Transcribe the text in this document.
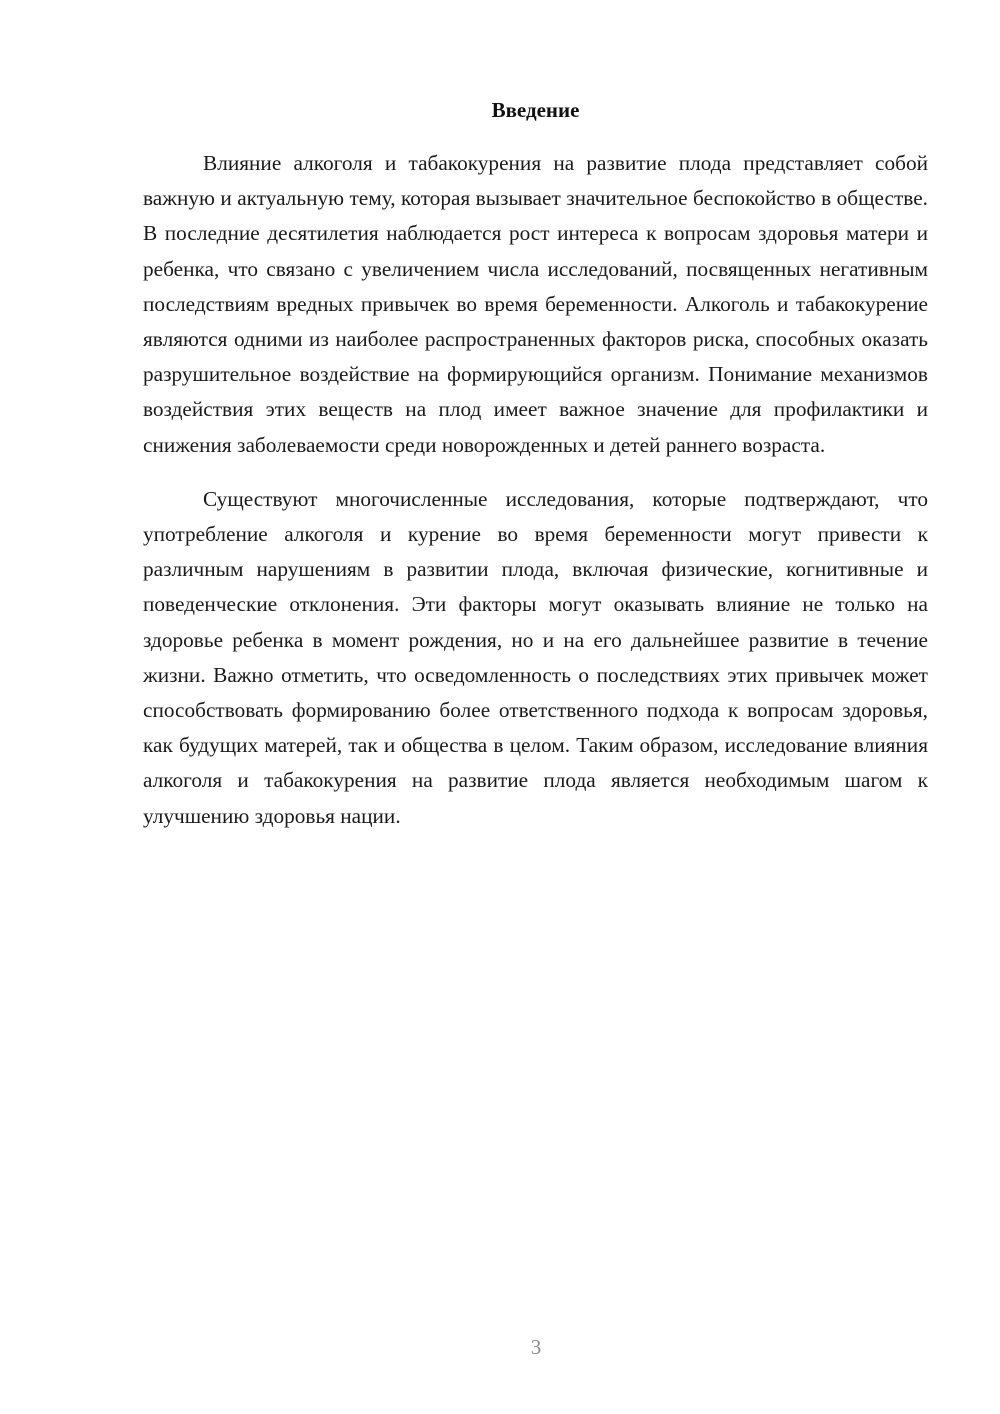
Введение

Влияние алкоголя и табакокурения на развитие плода представляет собой важную и актуальную тему, которая вызывает значительное беспокойство в обществе. В последние десятилетия наблюдается рост интереса к вопросам здоровья матери и ребенка, что связано с увеличением числа исследований, посвященных негативным последствиям вредных привычек во время беременности. Алкоголь и табакокурение являются одними из наиболее распространенных факторов риска, способных оказать разрушительное воздействие на формирующийся организм. Понимание механизмов воздействия этих веществ на плод имеет важное значение для профилактики и снижения заболеваемости среди новорожденных и детей раннего возраста.

Существуют многочисленные исследования, которые подтверждают, что употребление алкоголя и курение во время беременности могут привести к различным нарушениям в развитии плода, включая физические, когнитивные и поведенческие отклонения. Эти факторы могут оказывать влияние не только на здоровье ребенка в момент рождения, но и на его дальнейшее развитие в течение жизни. Важно отметить, что осведомленность о последствиях этих привычек может способствовать формированию более ответственного подхода к вопросам здоровья, как будущих матерей, так и общества в целом. Таким образом, исследование влияния алкоголя и табакокурения на развитие плода является необходимым шагом к улучшению здоровья нации.

3
